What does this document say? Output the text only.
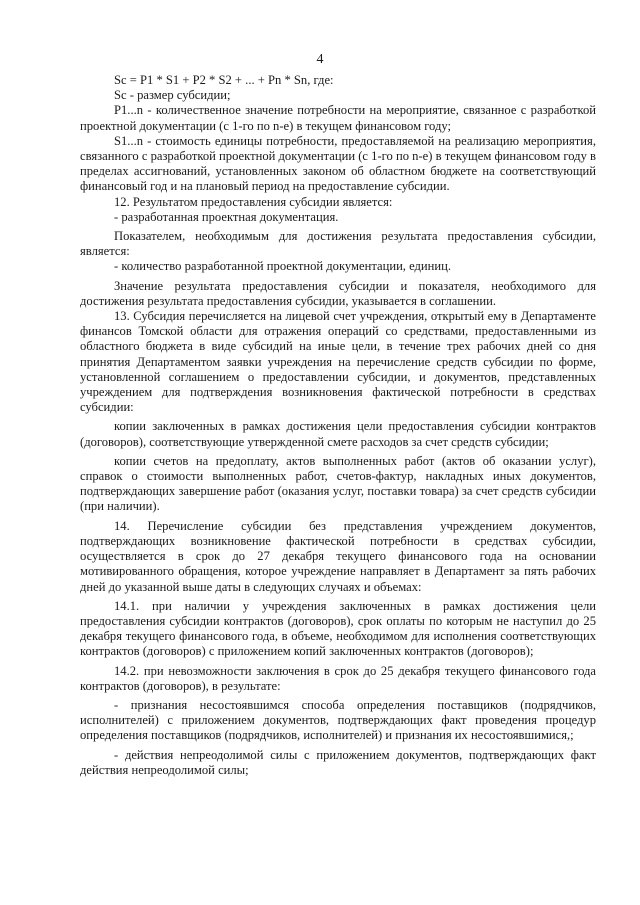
4

Sc = P1 * S1 + P2 * S2 + ... + Pn * Sn, где:

Sc - размер субсидии;

P1...n - количественное значение потребности на мероприятие, связанное с разработкой проектной документации (с 1-го по n-е) в текущем финансовом году;

S1...n - стоимость единицы потребности, предоставляемой на реализацию мероприятия, связанного с разработкой проектной документации (с 1-го по n-е) в текущем финансовом году в пределах ассигнований, установленных законом об областном бюджете на соответствующий финансовый год и на плановый период на предоставление субсидии.

12. Результатом предоставления субсидии является:

- разработанная проектная документация.

Показателем, необходимым для достижения результата предоставления субсидии, является:

- количество разработанной проектной документации, единиц.

Значение результата предоставления субсидии и показателя, необходимого для достижения результата предоставления субсидии, указывается в соглашении.

13. Субсидия перечисляется на лицевой счет учреждения, открытый ему в Департаменте финансов Томской области для отражения операций со средствами, предоставленными из областного бюджета в виде субсидий на иные цели, в течение трех рабочих дней со дня принятия Департаментом заявки учреждения на перечисление средств субсидии по форме, установленной соглашением о предоставлении субсидии, и документов, представленных учреждением для подтверждения возникновения фактической потребности в средствах субсидии:

копии заключенных в рамках достижения цели предоставления субсидии контрактов (договоров), соответствующие утвержденной смете расходов за счет средств субсидии;

копии счетов на предоплату, актов выполненных работ (актов об оказании услуг), справок о стоимости выполненных работ, счетов-фактур, накладных иных документов, подтверждающих завершение работ (оказания услуг, поставки товара) за счет средств субсидии (при наличии).

14. Перечисление субсидии без представления учреждением документов, подтверждающих возникновение фактической потребности в средствах субсидии, осуществляется в срок до 27 декабря текущего финансового года на основании мотивированного обращения, которое учреждение направляет в Департамент за пять рабочих дней до указанной выше даты в следующих случаях и объемах:

14.1. при наличии у учреждения заключенных в рамках достижения цели предоставления субсидии контрактов (договоров), срок оплаты по которым не наступил до 25 декабря текущего финансового года, в объеме, необходимом для исполнения соответствующих контрактов (договоров) с приложением копий заключенных контрактов (договоров);

14.2. при невозможности заключения в срок до 25 декабря текущего финансового года контрактов (договоров), в результате:

- признания несостоявшимся способа определения поставщиков (подрядчиков, исполнителей) с приложением документов, подтверждающих факт проведения процедур определения поставщиков (подрядчиков, исполнителей) и признания их несостоявшимися,;

- действия непреодолимой силы с приложением документов, подтверждающих факт действия непреодолимой силы;
